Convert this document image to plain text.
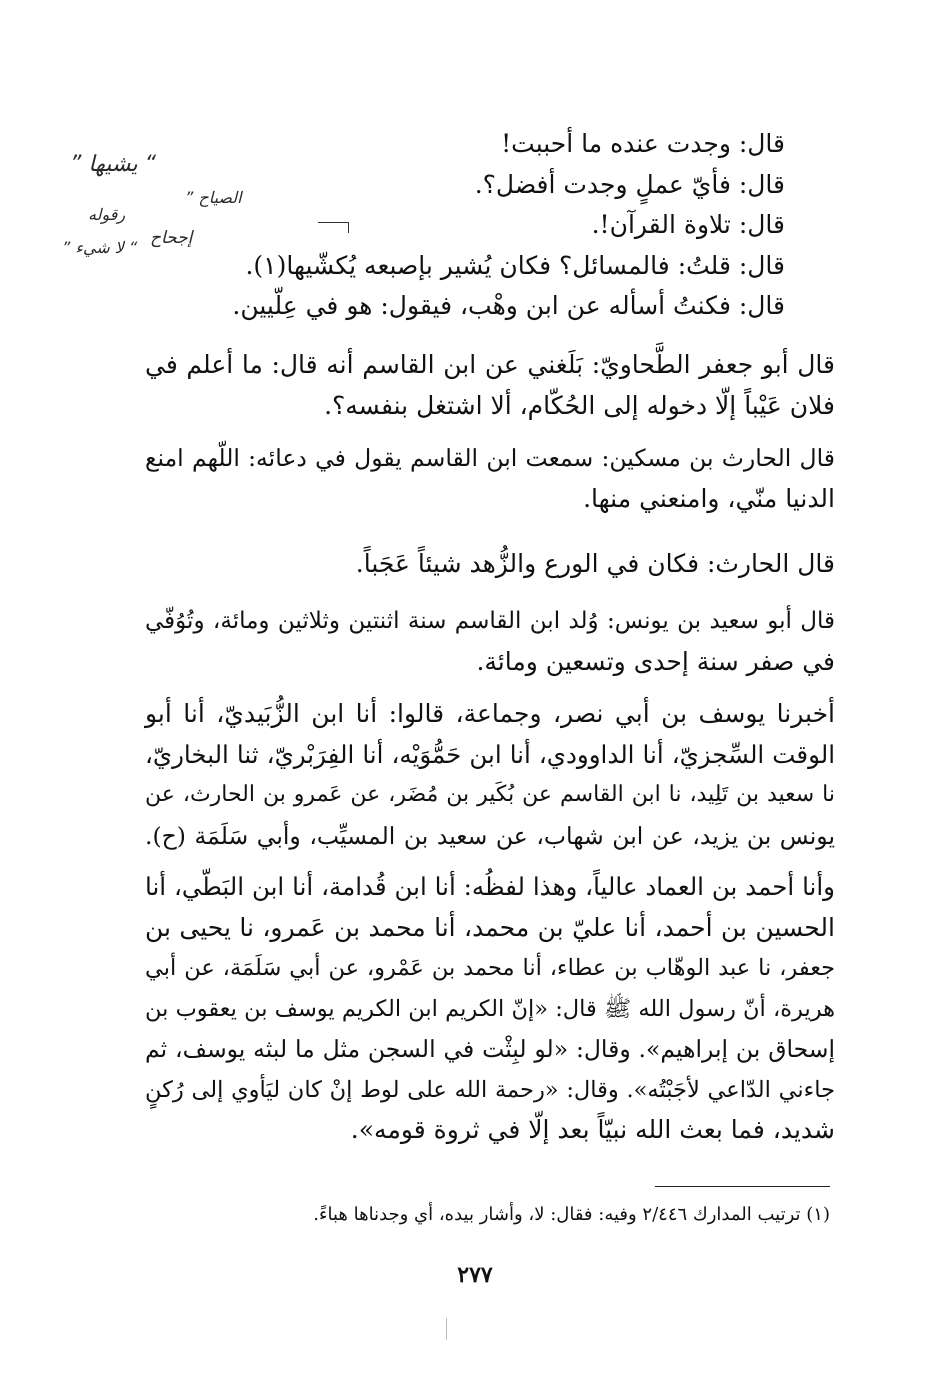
“ يشيها ”
الصياح ”
رقوله
إجحاح
“ لا شيء ”
قال: وجدت عنده ما أحببت!
قال: فأيّ عملٍ وجدت أفضل؟.
قال: تلاوة القرآن!.
قال: قلتُ: فالمسائل؟ فكان يُشير بإصبعه يُكشّيها(١).
قال: فكنتُ أسأله عن ابن وهْب، فيقول: هو في عِلّيين.
قال أبو جعفر الطَّحاويّ: بَلَغني عن ابن القاسم أنه قال: ما أعلم في
فلان عَيْباً إلّا دخوله إلى الحُكّام، ألا اشتغل بنفسه؟.
قال الحارث بن مسكين: سمعت ابن القاسم يقول في دعائه: اللّهم امنع
الدنيا منّي، وامنعني منها.
قال الحارث: فكان في الورع والزُّهد شيئاً عَجَباً.
قال أبو سعيد بن يونس: وُلد ابن القاسم سنة اثنتين وثلاثين ومائة، وتُوُفّي
في صفر سنة إحدى وتسعين ومائة.
أخبرنا يوسف بن أبي نصر، وجماعة، قالوا: أنا ابن الزُّبَيديّ، أنا أبو
الوقت السِّجزيّ، أنا الداوودي، أنا ابن حَمُّوَيْه، أنا الفِرَبْريّ، ثنا البخاريّ،
نا سعيد بن تَلِيد، نا ابن القاسم عن بُكَير بن مُضَر، عن عَمرو بن الحارث، عن
يونس بن يزيد، عن ابن شهاب، عن سعيد بن المسيِّب، وأبي سَلَمَة (ح).
وأنا أحمد بن العماد عالياً، وهذا لفظُه: أنا ابن قُدامة، أنا ابن البَطّي، أنا
الحسين بن أحمد، أنا عليّ بن محمد، أنا محمد بن عَمرو، نا يحيى بن
جعفر، نا عبد الوهّاب بن عطاء، أنا محمد بن عَمْرو، عن أبي سَلَمَة، عن أبي
هريرة، أنّ رسول الله ﷺ قال: «إنّ الكريم ابن الكريم يوسف بن يعقوب بن
إسحاق بن إبراهيم». وقال: «لو لبِثْت في السجن مثل ما لبثه يوسف، ثم
جاءني الدّاعي لأجَبْتُه». وقال: «رحمة الله على لوط إنْ كان ليَأوي إلى رُكنٍ
شديد، فما بعث الله نبيّاً بعد إلّا في ثروة قومه».
(١) ترتيب المدارك ٢/٤٤٦ وفيه: فقال: لا، وأشار بيده، أي وجدناها هباءً.
٢٧٧
